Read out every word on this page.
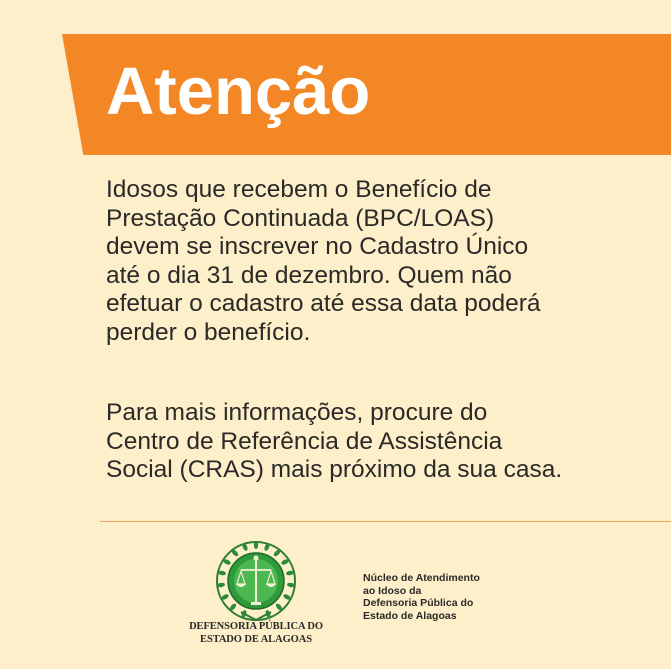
Atenção
Idosos que recebem o Benefício de
Prestação Continuada (BPC/LOAS)
devem se inscrever no Cadastro Único
até o dia 31 de dezembro. Quem não
efetuar o cadastro até essa data poderá
perder o benefício.
Para mais informações, procure do
Centro de Referência de Assistência
Social (CRAS) mais próximo da sua casa.
DEFENSORIA PÚBLICA DO
ESTADO DE ALAGOAS
Núcleo de Atendimento
ao Idoso da
Defensoria Pública do
Estado de Alagoas
